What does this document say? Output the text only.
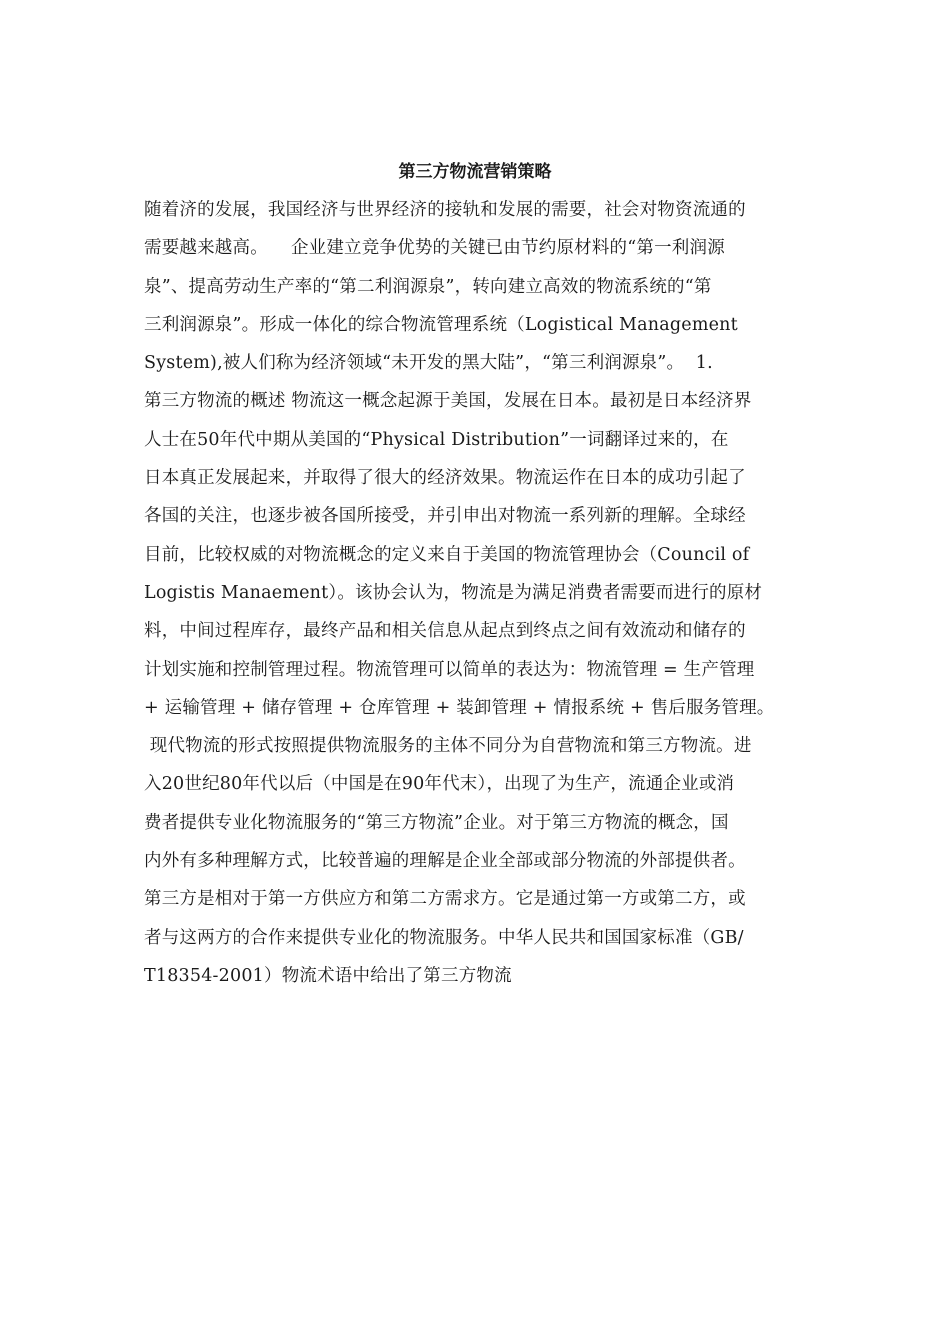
第三方物流营销策略
随着济的发展，我国经济与世界经济的接轨和发展的需要，社会对物资流通的
需要越来越高。    企业建立竞争优势的关键已由节约原材料的“第一利润源
泉”、提高劳动生产率的“第二利润源泉”，转向建立高效的物流系统的“第
三利润源泉”。形成一体化的综合物流管理系统（Logistical Management
System),被人们称为经济领域“未开发的黑大陆”，“第三利润源泉”。  1.
第三方物流的概述 物流这一概念起源于美国，发展在日本。最初是日本经济界
人士在50年代中期从美国的“Physical Distribution”一词翻译过来的，在
日本真正发展起来，并取得了很大的经济效果。物流运作在日本的成功引起了
各国的关注，也逐步被各国所接受，并引申出对物流一系列新的理解。全球经
目前，比较权威的对物流概念的定义来自于美国的物流管理协会（Council of
Logistis Manaement）。该协会认为，物流是为满足消费者需要而进行的原材
料，中间过程库存，最终产品和相关信息从起点到终点之间有效流动和储存的
计划实施和控制管理过程。物流管理可以简单的表达为：物流管理 = 生产管理
+ 运输管理 + 储存管理 + 仓库管理 + 装卸管理 + 情报系统 + 售后服务管理。
现代物流的形式按照提供物流服务的主体不同分为自营物流和第三方物流。进
入20世纪80年代以后（中国是在90年代末），出现了为生产，流通企业或消
费者提供专业化物流服务的“第三方物流”企业。对于第三方物流的概念，国
内外有多种理解方式，比较普遍的理解是企业全部或部分物流的外部提供者。
第三方是相对于第一方供应方和第二方需求方。它是通过第一方或第二方，或
者与这两方的合作来提供专业化的物流服务。中华人民共和国国家标准（GB/
T18354-2001）物流术语中给出了第三方物流
